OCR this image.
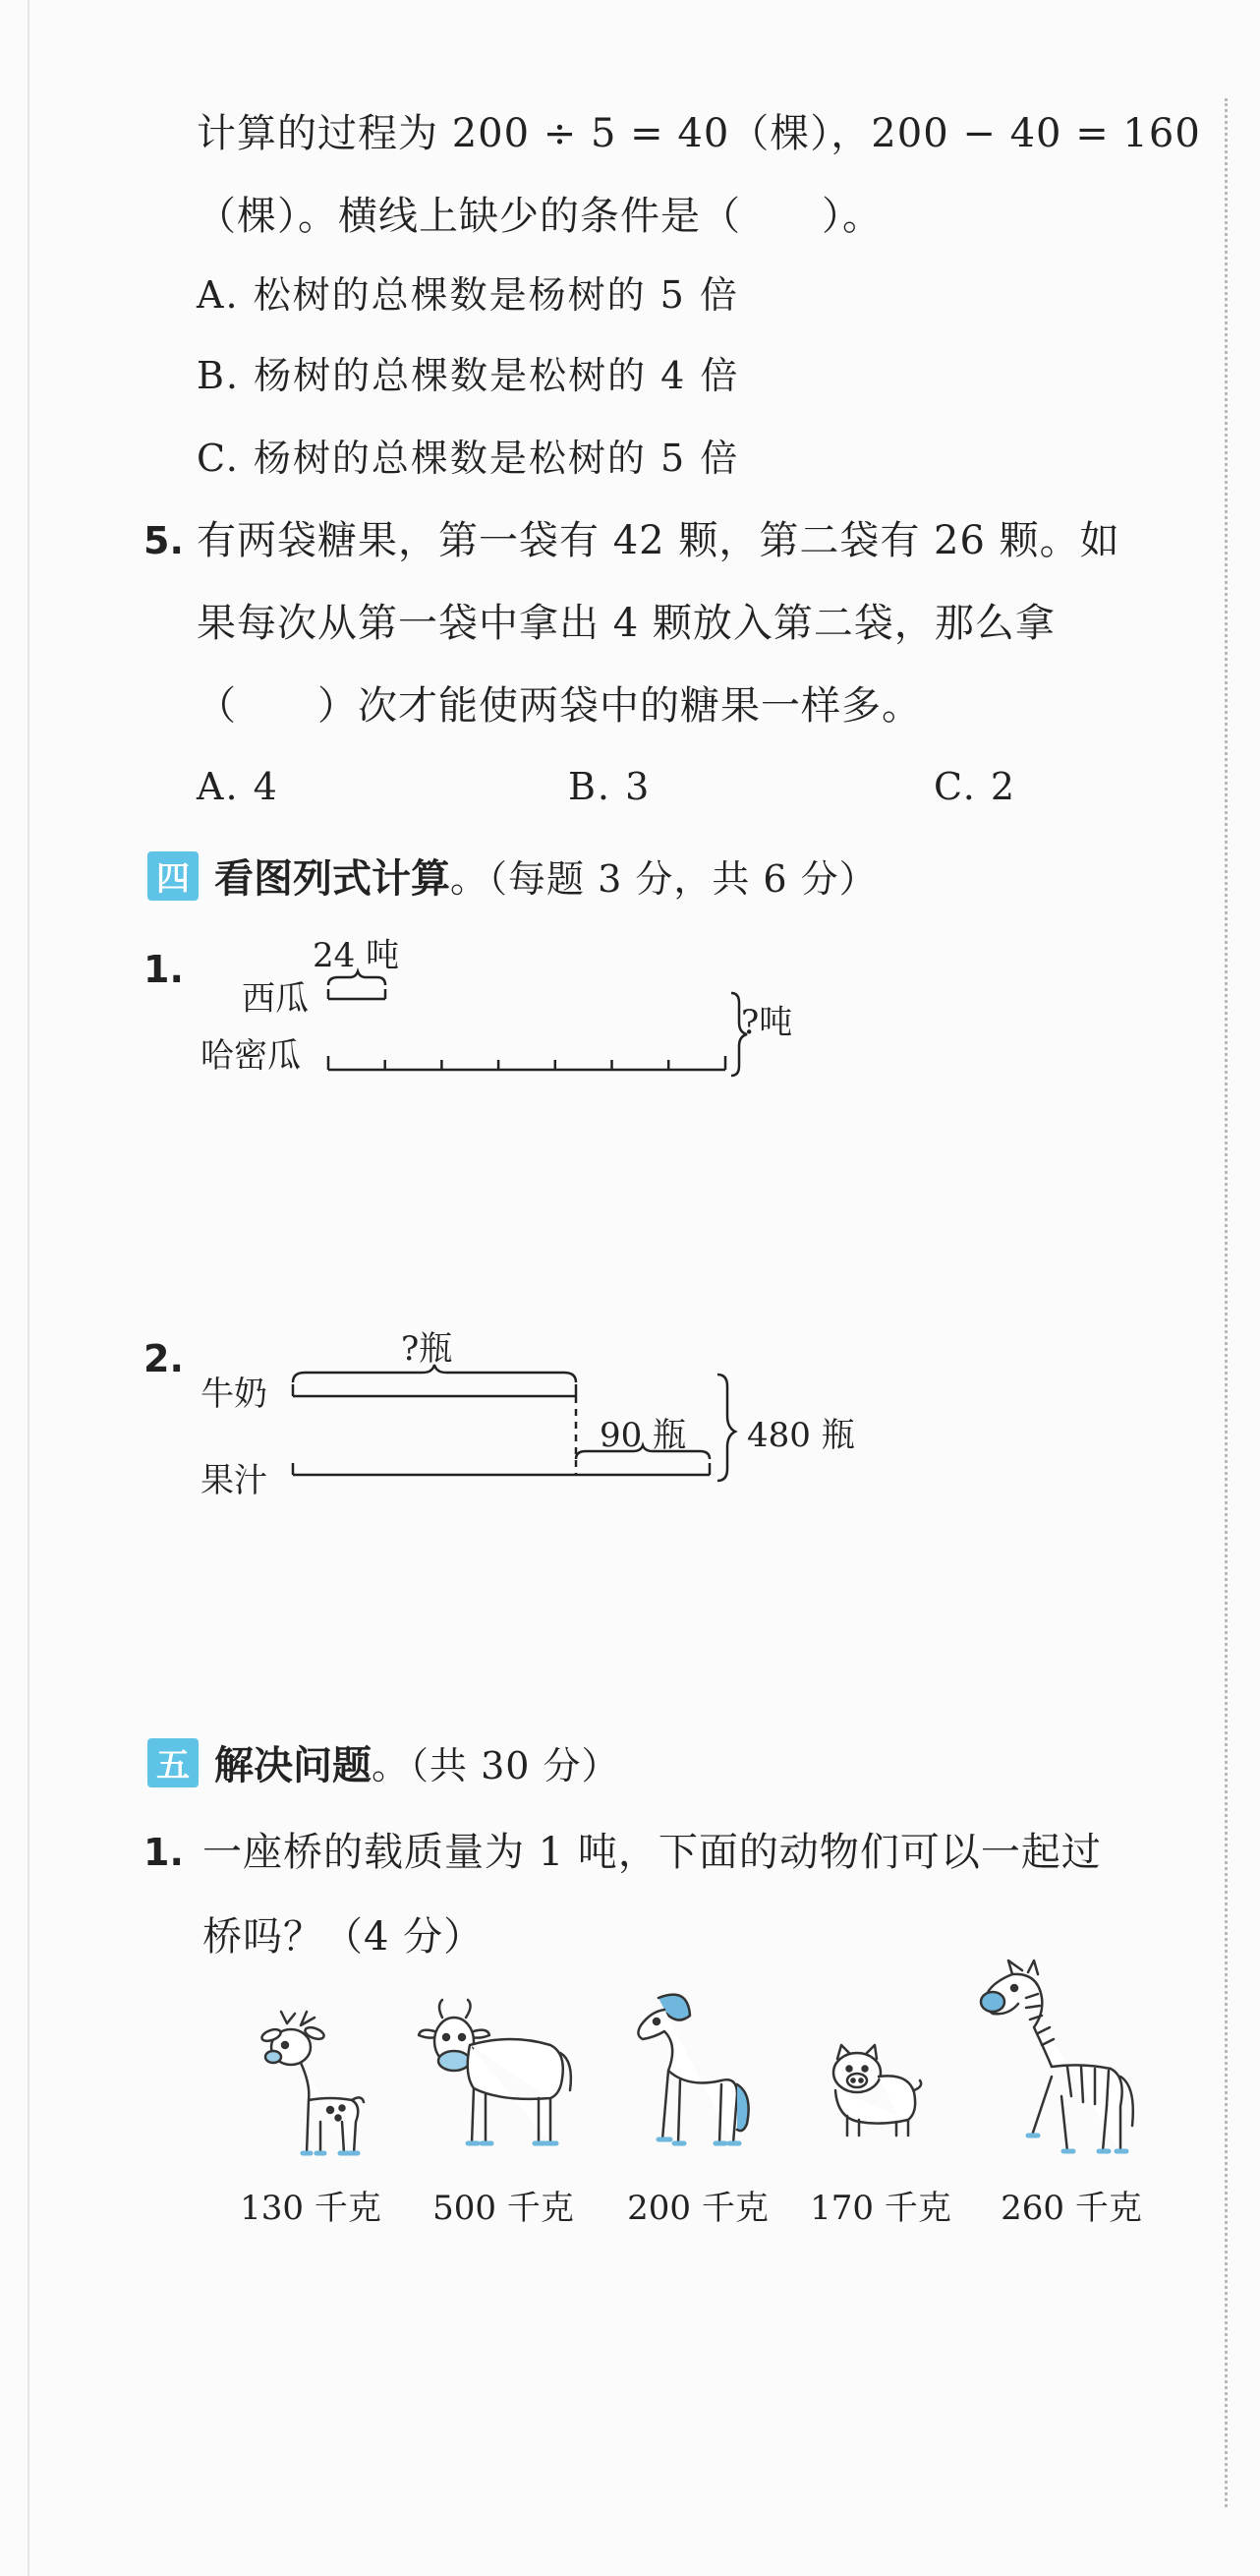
计算的过程为 200 ÷ 5 = 40（棵），200 − 40 = 160
（棵）。横线上缺少的条件是（　　）。
A. 松树的总棵数是杨树的 5 倍
B. 杨树的总棵数是松树的 4 倍
C. 杨树的总棵数是松树的 5 倍
5. 有两袋糖果，第一袋有 42 颗，第二袋有 26 颗。如
果每次从第一袋中拿出 4 颗放入第二袋，那么拿
（　　）次才能使两袋中的糖果一样多。
A. 4	B. 3	C. 2
四 看图列式计算 。（每题 3 分，共 6 分）
1.	24 吨
西瓜
哈密瓜
?吨
2.	?瓶
牛奶
果汁
90 瓶 480 瓶
五 解决问题 。（共 30 分）
1. 一座桥的载质量为 1 吨，下面的动物们可以一起过
桥吗？（4 分）
130 千克	500 千克	200 千克	170 千克	260 千克
